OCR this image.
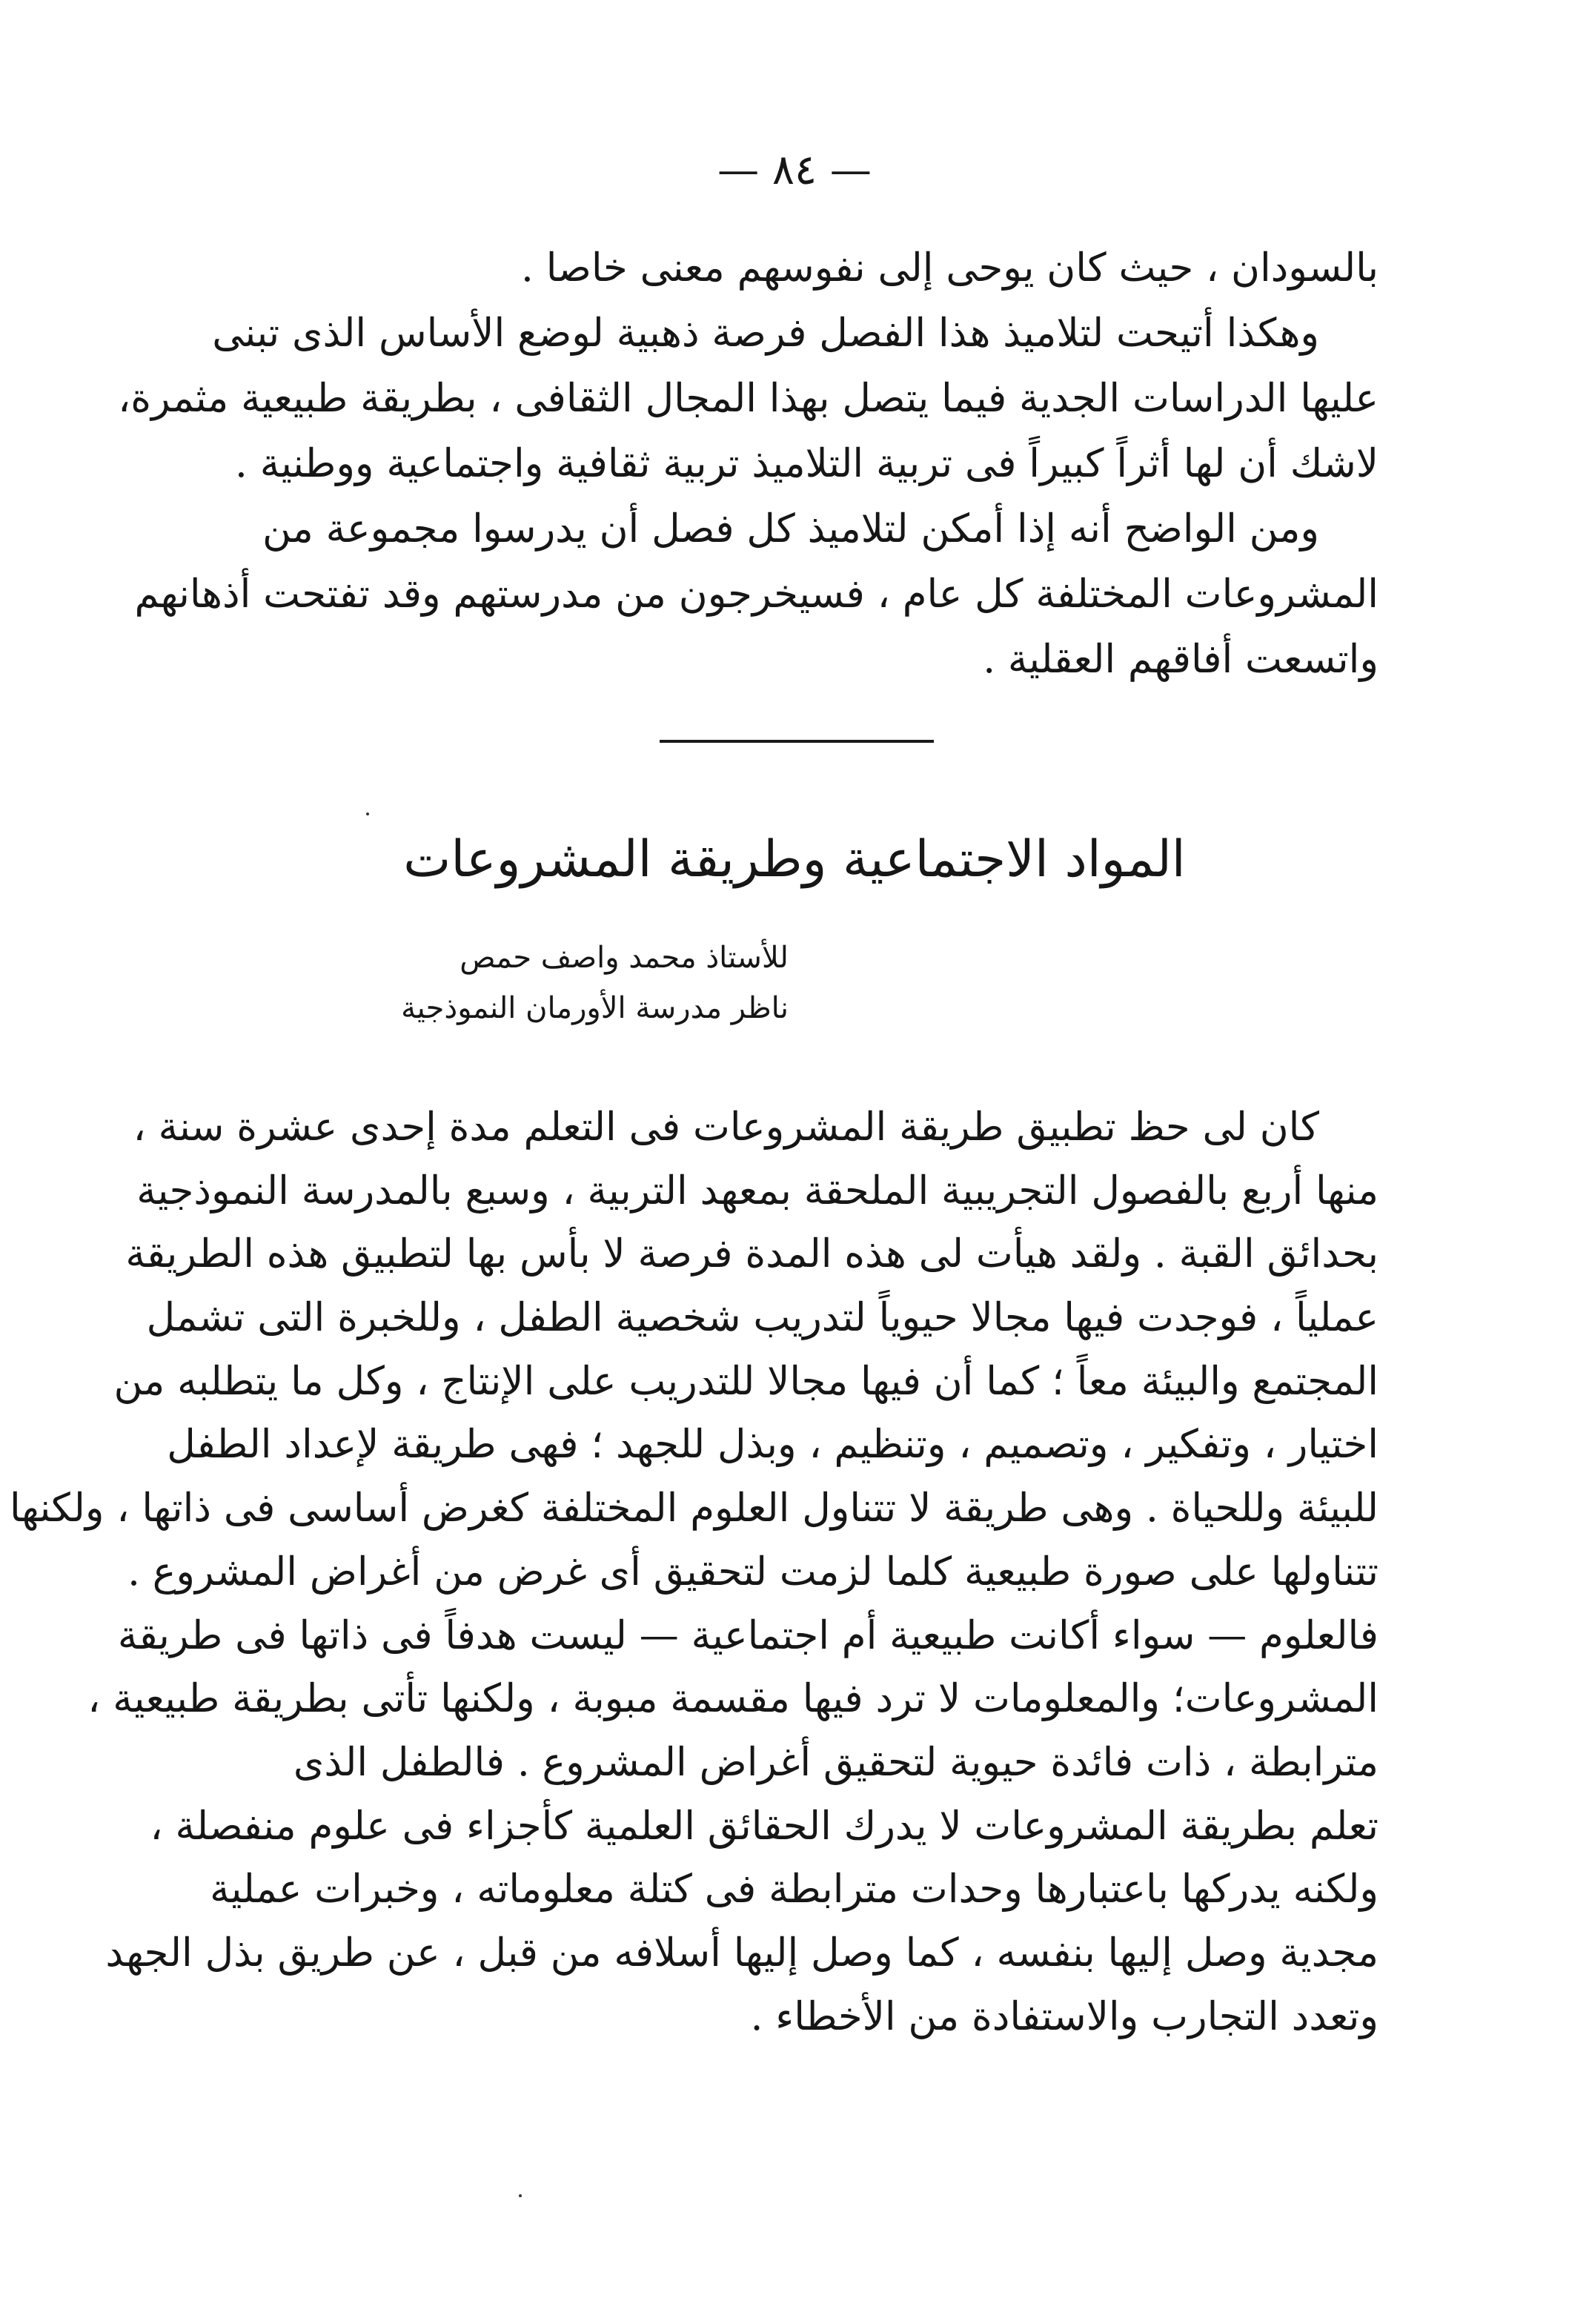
— ٨٤ —
بالسودان ، حيث كان يوحى إلى نفوسهم معنى خاصا .
وهكذا أتيحت لتلاميذ هذا الفصل فرصة ذهبية لوضع الأساس الذى تبنى
عليها الدراسات الجدية فيما يتصل بهذا المجال الثقافى ، بطريقة طبيعية مثمرة،
لاشك أن لها أثراً كبيراً فى تربية التلاميذ تربية ثقافية واجتماعية ووطنية .
ومن الواضح أنه إذا أمكن لتلاميذ كل فصل أن يدرسوا مجموعة من
المشروعات المختلفة كل عام ، فسيخرجون من مدرستهم وقد تفتحت أذهانهم
واتسعت أفاقهم العقلية .
المواد الاجتماعية وطريقة المشروعات
للأستاذ محمد واصف حمص
ناظر مدرسة الأورمان النموذجية
كان لى حظ تطبيق طريقة المشروعات فى التعلم مدة إحدى عشرة سنة ،
منها أربع بالفصول التجريبية الملحقة بمعهد التربية ، وسبع بالمدرسة النموذجية
بحدائق القبة . ولقد هيأت لى هذه المدة فرصة لا بأس بها لتطبيق هذه الطريقة
عملياً ، فوجدت فيها مجالا حيوياً لتدريب شخصية الطفل ، وللخبرة التى تشمل
المجتمع والبيئة معاً ؛ كما أن فيها مجالا للتدريب على الإنتاج ، وكل ما يتطلبه من
اختيار ، وتفكير ، وتصميم ، وتنظيم ، وبذل للجهد ؛ فهى طريقة لإعداد الطفل
للبيئة وللحياة . وهى طريقة لا تتناول العلوم المختلفة كغرض أساسى فى ذاتها ، ولكنها
تتناولها على صورة طبيعية كلما لزمت لتحقيق أى غرض من أغراض المشروع .
فالعلوم — سواء أكانت طبيعية أم اجتماعية — ليست هدفاً فى ذاتها فى طريقة
المشروعات؛ والمعلومات لا ترد فيها مقسمة مبوبة ، ولكنها تأتى بطريقة طبيعية ،
مترابطة ، ذات فائدة حيوية لتحقيق أغراض المشروع . فالطفل الذى
تعلم بطريقة المشروعات لا يدرك الحقائق العلمية كأجزاء فى علوم منفصلة ،
ولكنه يدركها باعتبارها وحدات مترابطة فى كتلة معلوماته ، وخبرات عملية
مجدية وصل إليها بنفسه ، كما وصل إليها أسلافه من قبل ، عن طريق بذل الجهد
وتعدد التجارب والاستفادة من الأخطاء .
